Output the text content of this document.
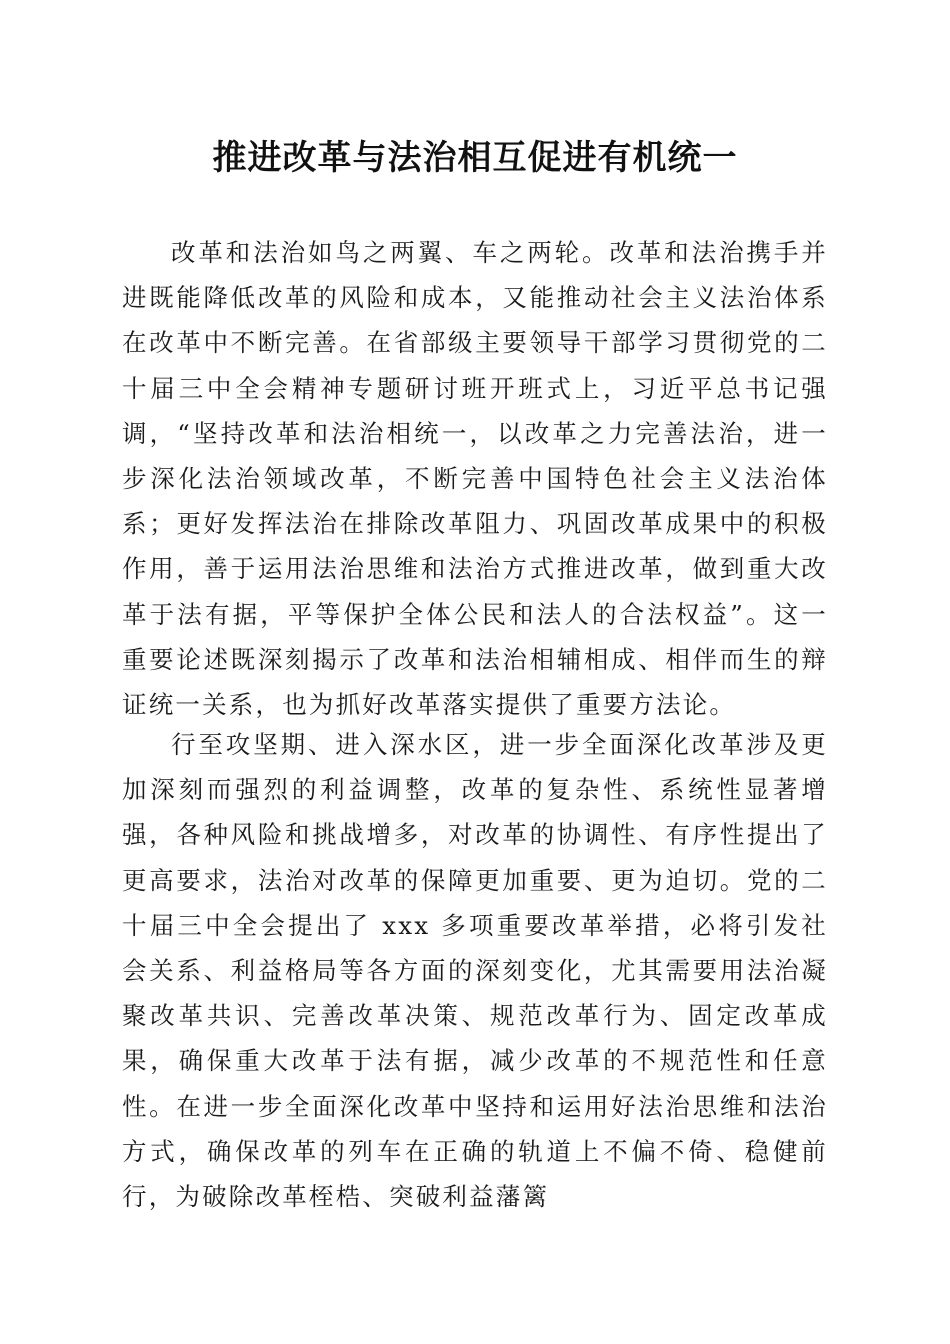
推进改革与法治相互促进有机统一

改革和法治如鸟之两翼、车之两轮。改革和法治携手并进既能降低改革的风险和成本，又能推动社会主义法治体系在改革中不断完善。在省部级主要领导干部学习贯彻党的二十届三中全会精神专题研讨班开班式上，习近平总书记强调，“坚持改革和法治相统一，以改革之力完善法治，进一步深化法治领域改革，不断完善中国特色社会主义法治体系；更好发挥法治在排除改革阻力、巩固改革成果中的积极作用，善于运用法治思维和法治方式推进改革，做到重大改革于法有据，平等保护全体公民和法人的合法权益”。这一重要论述既深刻揭示了改革和法治相辅相成、相伴而生的辩证统一关系，也为抓好改革落实提供了重要方法论。

行至攻坚期、进入深水区，进一步全面深化改革涉及更加深刻而强烈的利益调整，改革的复杂性、系统性显著增强，各种风险和挑战增多，对改革的协调性、有序性提出了更高要求，法治对改革的保障更加重要、更为迫切。党的二十届三中全会提出了 xxx 多项重要改革举措，必将引发社会关系、利益格局等各方面的深刻变化，尤其需要用法治凝聚改革共识、完善改革决策、规范改革行为、固定改革成果，确保重大改革于法有据，减少改革的不规范性和任意性。在进一步全面深化改革中坚持和运用好法治思维和法治方式，确保改革的列车在正确的轨道上不偏不倚、稳健前行，为破除改革桎梏、突破利益藩篱
